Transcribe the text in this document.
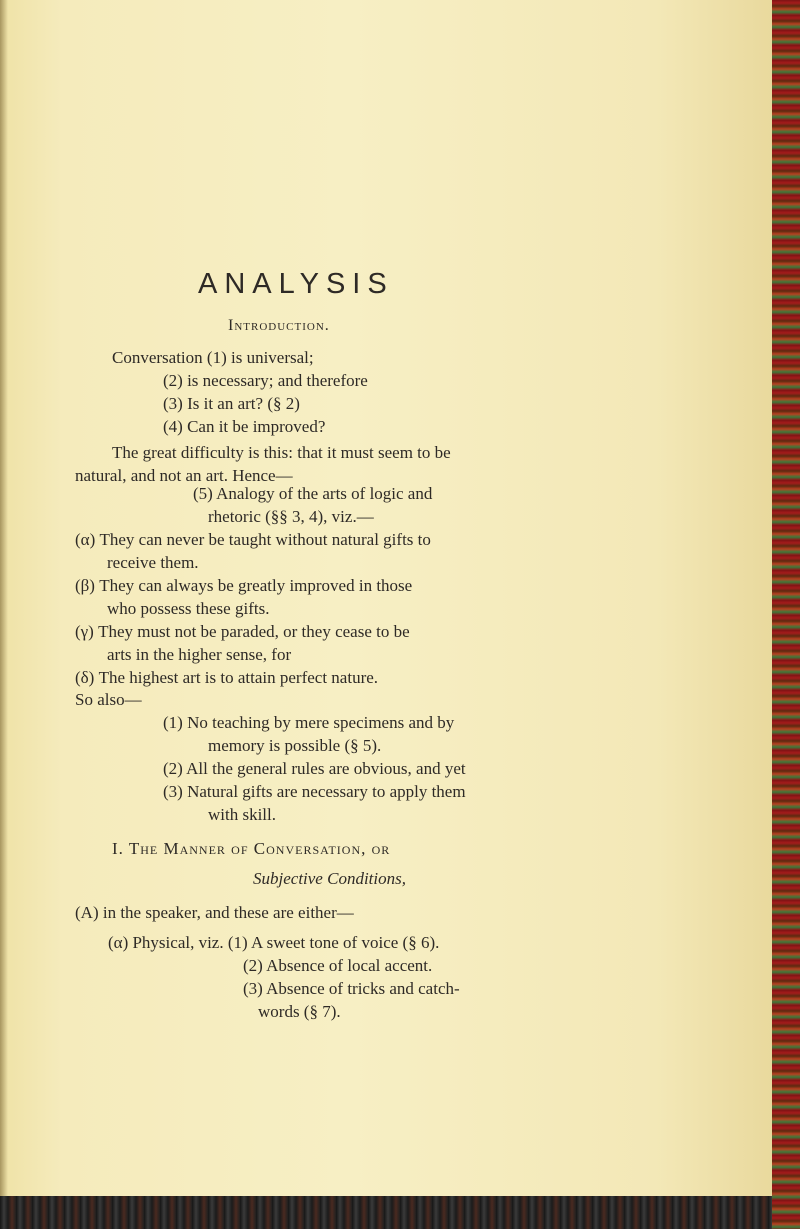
ANALYSIS
Introduction.
Conversation (1) is universal;
(2) is necessary; and therefore
(3) Is it an art? (§ 2)
(4) Can it be improved?
The great difficulty is this: that it must seem to be
natural, and not an art. Hence—
(5) Analogy of the arts of logic and
rhetoric (§§ 3, 4), viz.—
(α) They can never be taught without natural gifts to
receive them.
(β) They can always be greatly improved in those
who possess these gifts.
(γ) They must not be paraded, or they cease to be
arts in the higher sense, for
(δ) The highest art is to attain perfect nature.
So also—
(1) No teaching by mere specimens and by
memory is possible (§ 5).
(2) All the general rules are obvious, and yet
(3) Natural gifts are necessary to apply them
with skill.
I. The Manner of Conversation, or
Subjective Conditions,
(A) in the speaker, and these are either—
(α) Physical, viz. (1) A sweet tone of voice (§ 6).
(2) Absence of local accent.
(3) Absence of tricks and catch-
words (§ 7).
